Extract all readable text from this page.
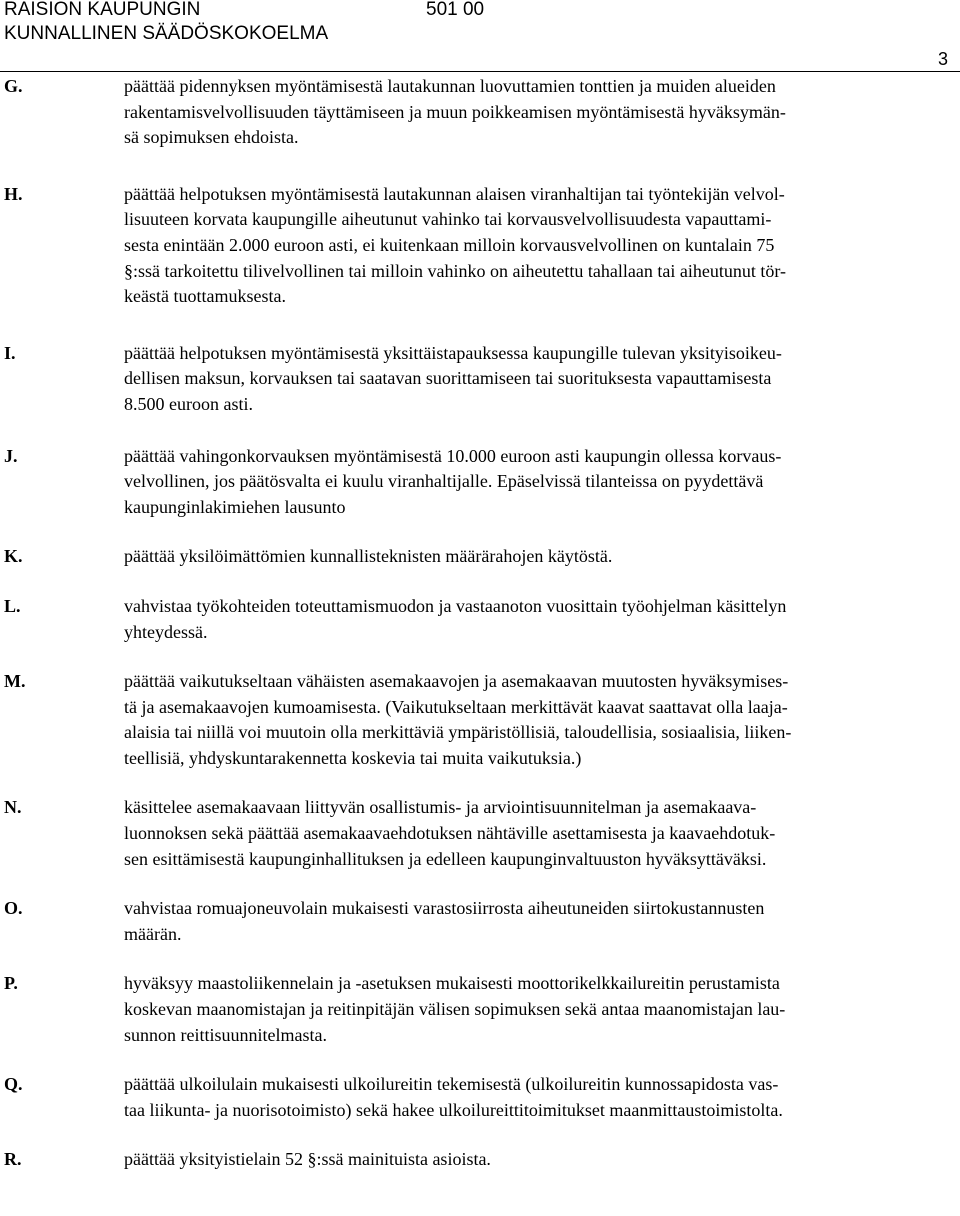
RAISION KAUPUNGIN
KUNNALLINEN SÄÄDÖSKOKOELMA
501 00
3
G.	päättää pidennyksen myöntämisestä lautakunnan luovuttamien tonttien ja muiden alueiden
rakentamisvelvollisuuden täyttämiseen ja muun poikkeamisen myöntämisestä hyväksymän-
sä sopimuksen ehdoista.
H.	päättää helpotuksen myöntämisestä lautakunnan alaisen viranhaltijan tai työntekijän velvol-
lisuuteen korvata kaupungille aiheutunut vahinko tai korvausvelvollisuudesta vapauttami-
sesta enintään 2.000 euroon asti, ei kuitenkaan milloin korvausvelvollinen on kuntalain 75
§:ssä tarkoitettu tilivelvollinen tai milloin vahinko on aiheutettu tahallaan tai aiheutunut tör-
keästä tuottamuksesta.
I.	päättää helpotuksen myöntämisestä yksittäistapauksessa kaupungille tulevan yksityisoikeu-
dellisen maksun, korvauksen tai saatavan suorittamiseen tai suorituksesta vapauttamisesta
8.500 euroon asti.
J.	päättää vahingonkorvauksen myöntämisestä 10.000 euroon asti kaupungin ollessa korvaus-
velvollinen, jos päätösvalta ei kuulu viranhaltijalle. Epäselvissä tilanteissa on pyydettävä
kaupunginlakimiehen lausunto
K.	päättää yksilöimättömien kunnallisteknisten määrärahojen käytöstä.
L.	vahvistaa työkohteiden toteuttamismuodon ja vastaanoton vuosittain työohjelman käsittelyn
yhteydessä.
M.	päättää vaikutukseltaan vähäisten asemakaavojen ja asemakaavan muutosten hyväksymises-
tä ja asemakaavojen kumoamisesta. (Vaikutukseltaan merkittävät kaavat saattavat olla laaja-
alaisia tai niillä voi muutoin olla merkittäviä ympäristöllisiä, taloudellisia, sosiaalisia, liiken-
teellisiä, yhdyskuntarakennetta koskevia tai muita vaikutuksia.)
N.	käsittelee asemakaavaan liittyvän osallistumis- ja arviointisuunnitelman ja asemakaava-
luonnoksen sekä päättää asemakaavaehdotuksen nähtäville asettamisesta ja kaavaehdotuk-
sen esittämisestä kaupunginhallituksen ja edelleen kaupunginvaltuuston hyväksyttäväksi.
O.	vahvistaa romuajoneuvolain mukaisesti varastosiirrosta aiheutuneiden siirtokustannusten
määrän.
P.	hyväksyy maastoliikennelain ja -asetuksen mukaisesti moottorikelkkailureitin perustamista
koskevan maanomistajan ja reitinpitäjän välisen sopimuksen sekä antaa maanomistajan lau-
sunnon reittisuunnitelmasta.
Q.	päättää ulkoilulain mukaisesti ulkoilureitin tekemisestä (ulkoilureitin kunnossapidosta vas-
taa liikunta- ja nuorisotoimisto) sekä hakee ulkoilureittitoimitukset maanmittaustoimistolta.
R.	päättää yksityistielain 52 §:ssä mainituista asioista.
